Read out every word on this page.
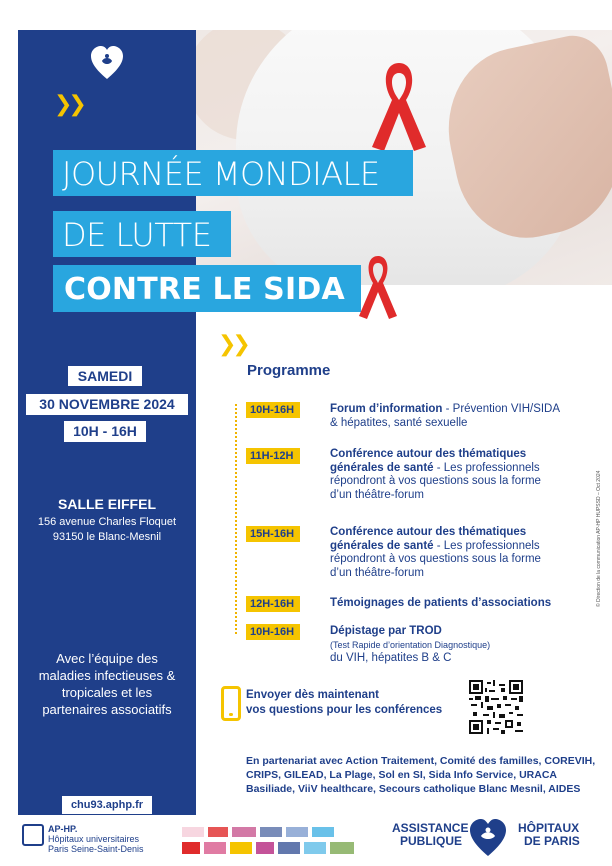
❯❯
JOURNÉE MONDIALE
DE LUTTE
CONTRE LE SIDA
SAMEDI
30 NOVEMBRE 2024
10H - 16H
SALLE EIFFEL
156 avenue Charles Floquet
93150 le Blanc-Mesnil
Avec l’équipe des maladies infectieuses & tropicales et les partenaires associatifs
chu93.aphp.fr
❯❯
Programme
10H-16H	Forum d’information - Prévention VIH/SIDA
& hépatites, santé sexuelle
11H-12H	Conférence autour des thématiques
générales de santé - Les professionnels
répondront à vos questions sous la forme
d’un théâtre-forum
15H-16H	Conférence autour des thématiques
générales de santé - Les professionnels
répondront à vos questions sous la forme
d’un théâtre-forum
12H-16H	Témoignages de patients d’associations
10H-16H	Dépistage par TROD
(Test Rapide d’orientation Diagnostique)
du VIH, hépatites B & C
Envoyer dès maintenant
vos questions pour les conférences
© Direction de la communication AP-HP HUPSSD – Oct 2024
En partenariat avec Action Traitement, Comité des familles, COREVIH, CRIPS, GILEAD, La Plage, Sol en SI, Sida Info Service, URACA Basiliade, ViiV healthcare, Secours catholique Blanc Mesnil, AIDES
AP-HP.
Hôpitaux universitaires
Paris Seine-Saint-Denis
ASSISTANCE
PUBLIQUE
HÔPITAUX
DE PARIS
